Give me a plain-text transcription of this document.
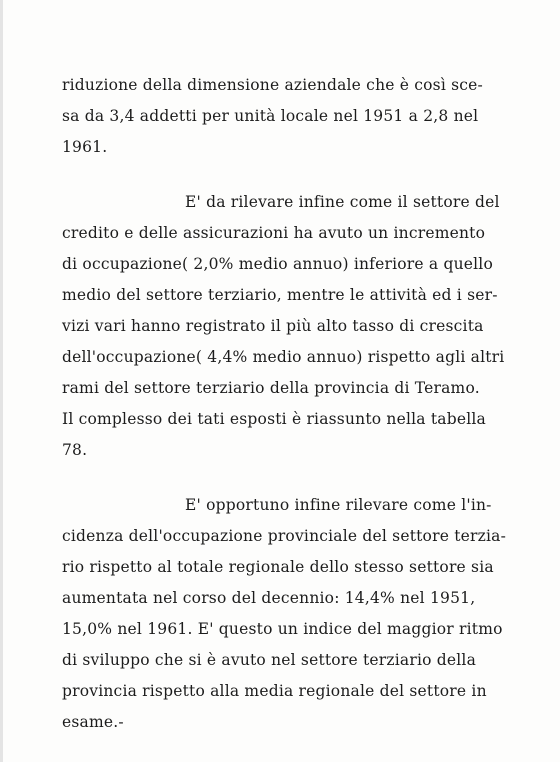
riduzione della dimensione aziendale che è così sce-
sa da 3,4 addetti per unità locale nel 1951 a 2,8 nel
1961.
E' da rilevare infine come il settore del
credito e delle assicurazioni ha avuto un incremento
di occupazione( 2,0% medio annuo) inferiore a quello
medio del settore terziario, mentre le attività ed i ser-
vizi vari hanno registrato il più alto tasso di crescita
dell'occupazione( 4,4% medio annuo) rispetto agli altri
rami del settore terziario della provincia di Teramo.
Il complesso dei tati esposti è riassunto nella tabella
78.
E' opportuno infine rilevare come l'in-
cidenza dell'occupazione provinciale del settore terzia-
rio rispetto al totale regionale dello stesso settore sia
aumentata nel corso del decennio: 14,4% nel 1951,
15,0% nel 1961. E' questo un indice del maggior ritmo
di sviluppo che si è avuto nel settore terziario della
provincia rispetto alla media regionale del settore in
esame.-
